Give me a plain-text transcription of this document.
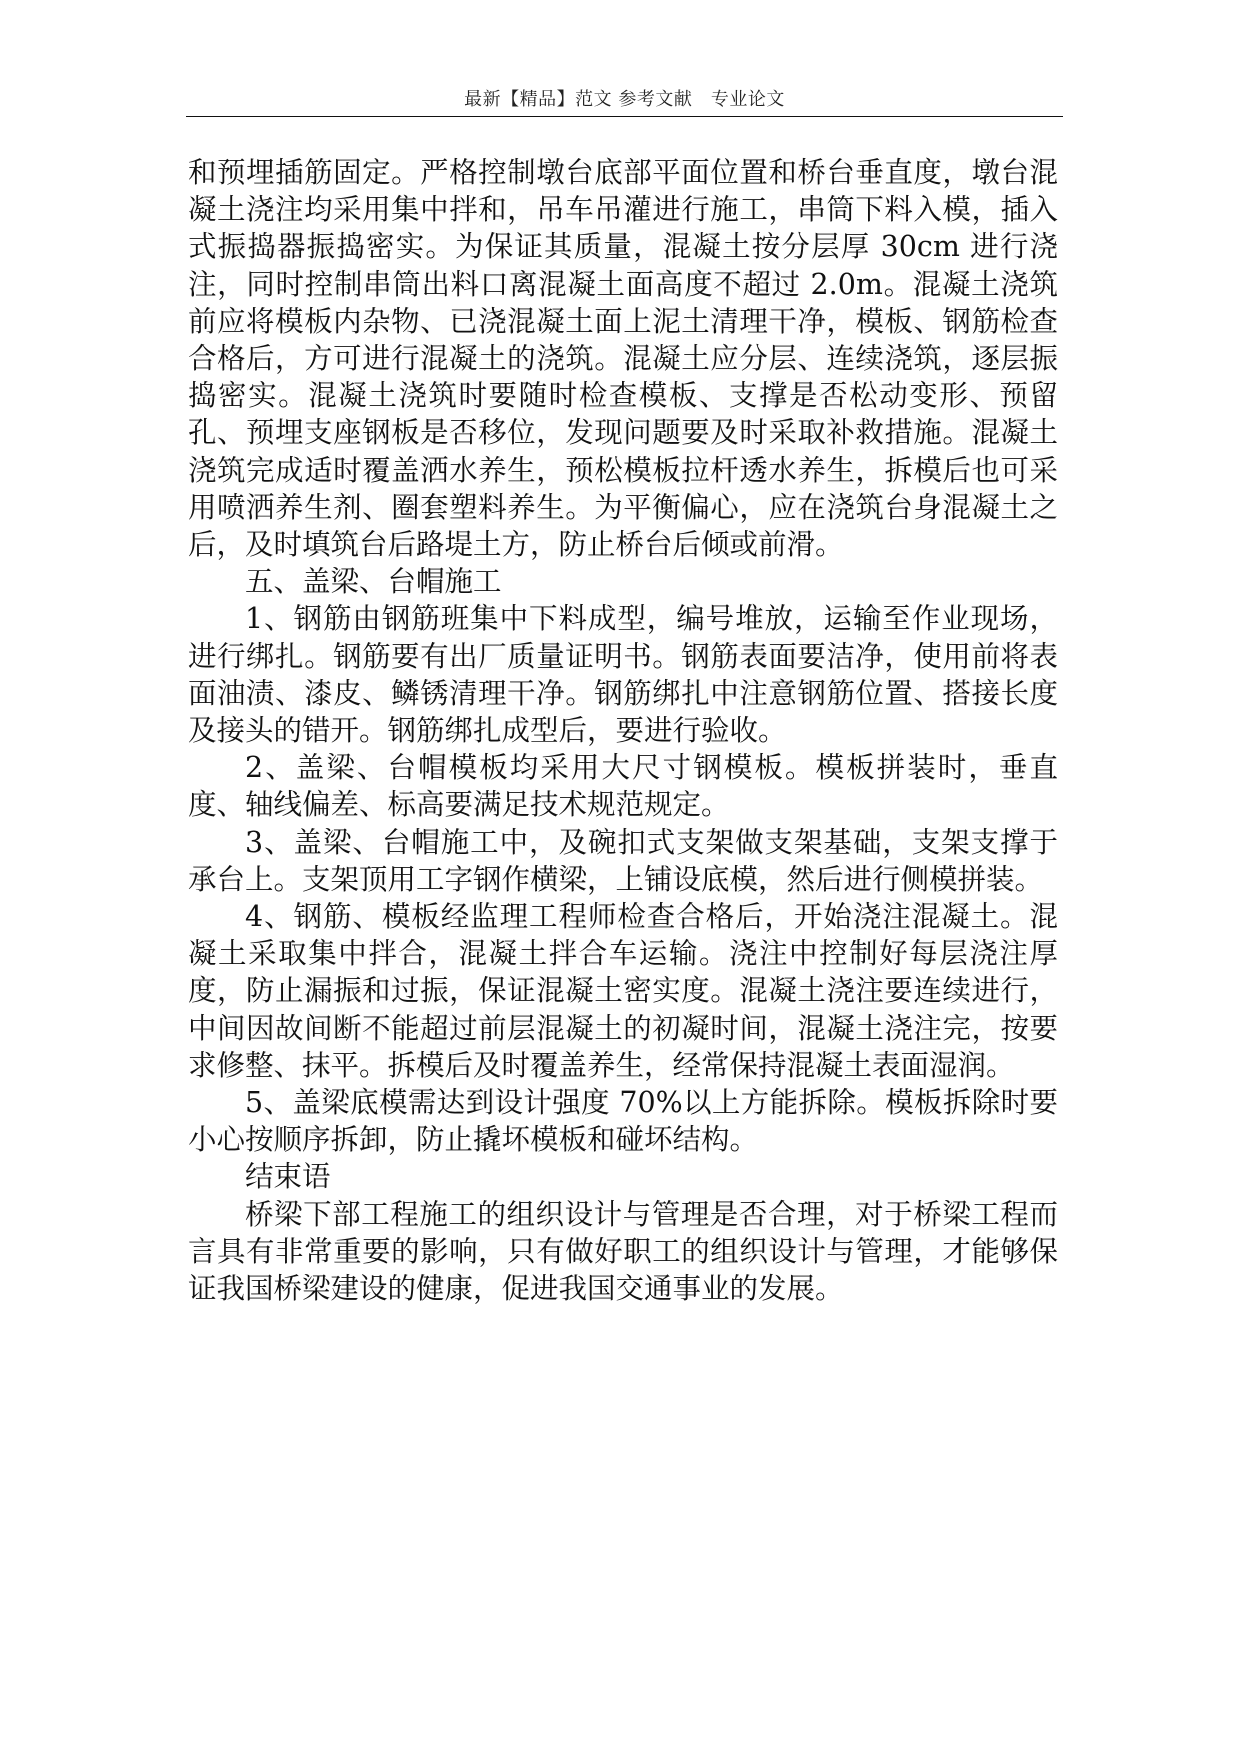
最新【精品】范文 参考文献　专业论文

和预埋插筋固定。严格控制墩台底部平面位置和桥台垂直度，墩台混凝土浇注均采用集中拌和，吊车吊灌进行施工，串筒下料入模，插入式振捣器振捣密实。为保证其质量，混凝土按分层厚 30cm 进行浇注，同时控制串筒出料口离混凝土面高度不超过 2.0m。混凝土浇筑前应将模板内杂物、已浇混凝土面上泥土清理干净，模板、钢筋检查合格后，方可进行混凝土的浇筑。混凝土应分层、连续浇筑，逐层振捣密实。混凝土浇筑时要随时检查模板、支撑是否松动变形、预留孔、预埋支座钢板是否移位，发现问题要及时采取补救措施。混凝土浇筑完成适时覆盖洒水养生，预松模板拉杆透水养生，拆模后也可采用喷洒养生剂、圈套塑料养生。为平衡偏心，应在浇筑台身混凝土之后，及时填筑台后路堤土方，防止桥台后倾或前滑。

五、盖梁、台帽施工

1、钢筋由钢筋班集中下料成型，编号堆放，运输至作业现场，进行绑扎。钢筋要有出厂质量证明书。钢筋表面要洁净，使用前将表面油渍、漆皮、鳞锈清理干净。钢筋绑扎中注意钢筋位置、搭接长度及接头的错开。钢筋绑扎成型后，要进行验收。

2、盖梁、台帽模板均采用大尺寸钢模板。模板拼装时，垂直度、轴线偏差、标高要满足技术规范规定。

3、盖梁、台帽施工中，及碗扣式支架做支架基础，支架支撑于承台上。支架顶用工字钢作横梁，上铺设底模，然后进行侧模拼装。

4、钢筋、模板经监理工程师检查合格后，开始浇注混凝土。混凝土采取集中拌合，混凝土拌合车运输。浇注中控制好每层浇注厚度，防止漏振和过振，保证混凝土密实度。混凝土浇注要连续进行，中间因故间断不能超过前层混凝土的初凝时间，混凝土浇注完，按要求修整、抹平。拆模后及时覆盖养生，经常保持混凝土表面湿润。

5、盖梁底模需达到设计强度 70%以上方能拆除。模板拆除时要小心按顺序拆卸，防止撬坏模板和碰坏结构。

结束语

桥梁下部工程施工的组织设计与管理是否合理，对于桥梁工程而言具有非常重要的影响，只有做好职工的组织设计与管理，才能够保证我国桥梁建设的健康，促进我国交通事业的发展。
